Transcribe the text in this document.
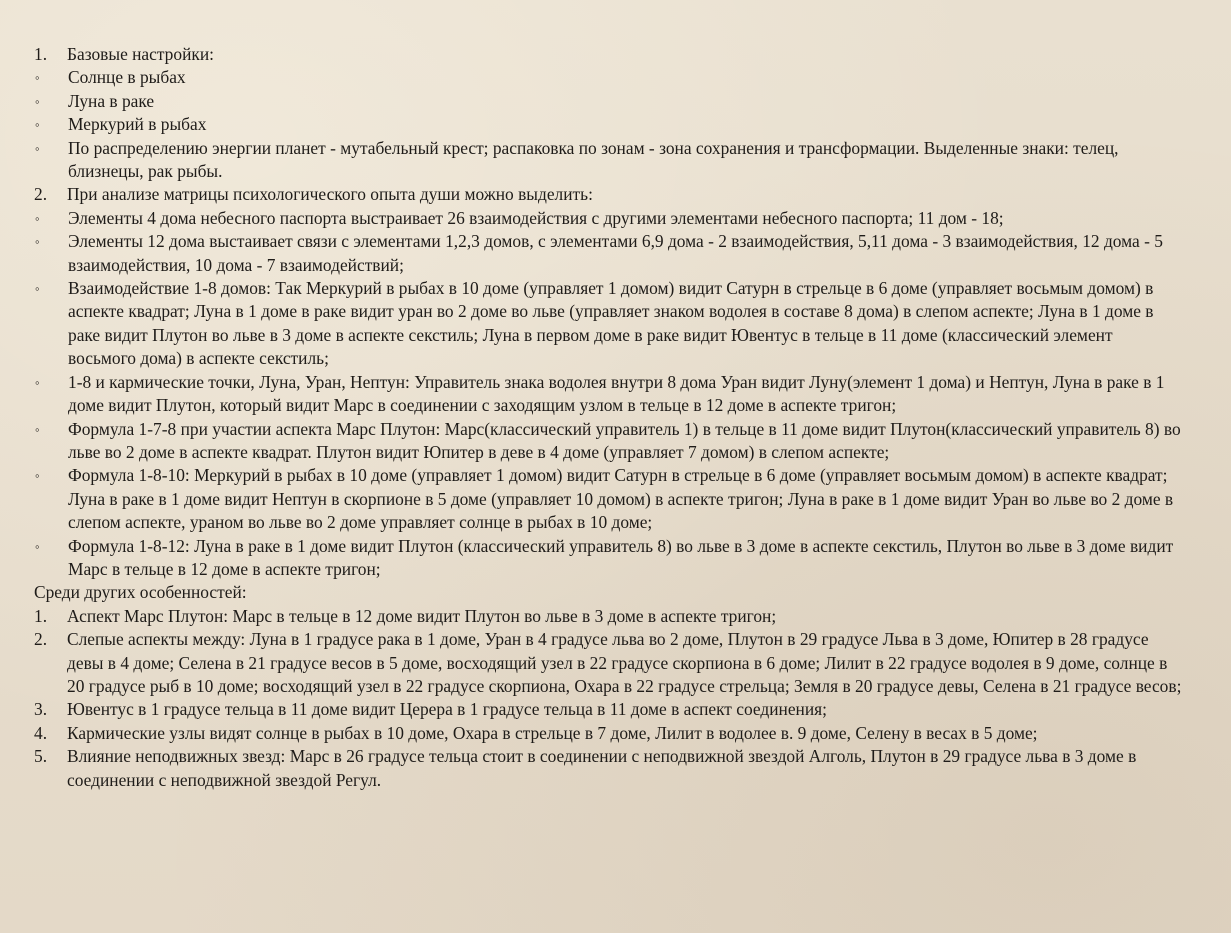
1.	Базовые настройки:
◦	Солнце в рыбах
◦	Луна в раке
◦	Меркурий в рыбах
◦	По распределению энергии планет - мутабельный крест; распаковка по зонам - зона сохранения и трансформации. Выделенные знаки: телец, близнецы, рак рыбы.
2.	При анализе матрицы психологического опыта души можно выделить:
◦	Элементы 4 дома небесного паспорта выстраивает 26 взаимодействия с другими элементами небесного паспорта; 11 дом - 18;
◦	Элементы 12 дома выстаивает связи с элементами 1,2,3 домов, с элементами 6,9 дома - 2 взаимодействия, 5,11 дома - 3 взаимодействия, 12 дома - 5 взаимодействия, 10 дома - 7 взаимодействий;
◦	Взаимодействие 1-8 домов: Так Меркурий в рыбах в 10 доме (управляет 1 домом) видит Сатурн в стрельце в 6 доме (управляет восьмым домом) в аспекте квадрат; Луна в 1 доме в раке видит уран во 2 доме во льве (управляет знаком водолея в составе 8 дома) в слепом аспекте; Луна в 1 доме в раке видит Плутон во льве в 3 доме в аспекте секстиль; Луна в первом доме в раке видит Ювентус в тельце в 11 доме (классический элемент восьмого дома) в аспекте секстиль;
◦	1-8 и кармические точки, Луна, Уран, Нептун: Управитель знака водолея внутри 8 дома Уран видит Луну(элемент 1 дома) и Нептун, Луна в раке в 1 доме видит Плутон, который видит Марс в соединении с заходящим узлом в тельце в 12 доме в аспекте тригон;
◦	Формула 1-7-8 при участии аспекта Марс Плутон: Марс(классический управитель 1) в тельце в 11 доме видит Плутон(классический управитель 8) во льве во 2 доме в аспекте квадрат. Плутон видит Юпитер в деве в 4 доме (управляет 7 домом) в слепом аспекте;
◦	Формула 1-8-10: Меркурий в рыбах в 10 доме (управляет 1 домом) видит Сатурн в стрельце в 6 доме (управляет восьмым домом) в аспекте квадрат; Луна в раке в 1 доме видит Нептун в скорпионе в 5 доме (управляет 10 домом) в аспекте тригон; Луна в раке в 1 доме видит Уран во льве во 2 доме в слепом аспекте, ураном во льве во 2 доме управляет солнце в рыбах в 10 доме;
◦	Формула 1-8-12: Луна в раке в 1 доме видит Плутон (классический управитель 8) во льве в 3 доме в аспекте секстиль, Плутон во льве в 3 доме видит Марс в тельце в 12 доме в аспекте тригон;
Среди других особенностей:
1.	Аспект Марс Плутон: Марс в тельце в 12 доме видит Плутон во льве в 3 доме в аспекте тригон;
2.	Слепые аспекты между: Луна в 1 градусе рака в 1 доме, Уран в 4 градусе льва во 2 доме, Плутон в 29 градусе Льва в 3 доме, Юпитер в 28 градусе девы в 4 доме; Селена в 21 градусе весов в 5 доме, восходящий узел в 22 градусе скорпиона в 6 доме; Лилит в 22 градусе водолея в 9 доме, солнце в 20 градусе рыб в 10 доме; восходящий узел в 22 градусе скорпиона, Охара в 22 градусе стрельца; Земля в 20 градусе девы, Селена в 21 градусе весов;
3.	Ювентус в 1 градусе тельца в 11 доме видит Церера в 1 градусе тельца в 11 доме в аспект соединения;
4.	Кармические узлы видят солнце в рыбах в 10 доме, Охара в стрельце в 7 доме, Лилит в водолее в. 9 доме, Селену в весах в 5 доме;
5.	Влияние неподвижных звезд: Марс в 26 градусе тельца стоит в соединении с неподвижной звездой Алголь, Плутон в 29 градусе льва в 3 доме в соединении с неподвижной звездой Регул.
